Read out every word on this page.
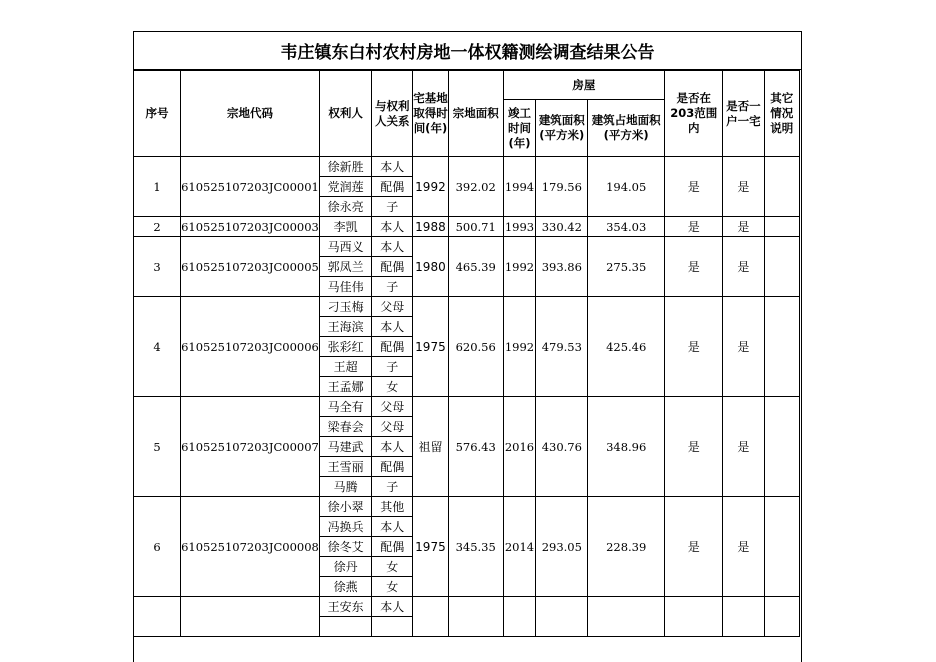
韦庄镇东白村农村房地一体权籍测绘调查结果公告
序号	宗地代码	权利人	与权利人关系	宅基地取得时间(年)	宗地面积	房屋			是否在203范围内	是否一户一宅	其它情况说明
						竣工时间(年)	建筑面积(平方米)	建筑占地面积(平方米)			
1	610525107203JC00001	徐新胜	本人	1992	392.02	1994	179.56	194.05	是	是	
		党润莲	配偶								
		徐永亮	子								
2	610525107203JC00003	李凯	本人	1988	500.71	1993	330.42	354.03	是	是	
3	610525107203JC00005	马西义	本人	1980	465.39	1992	393.86	275.35	是	是	
		郭凤兰	配偶								
		马佳伟	子								
4	610525107203JC00006	刁玉梅	父母	1975	620.56	1992	479.53	425.46	是	是	
		王海滨	本人								
		张彩红	配偶								
		王超	子								
		王孟娜	女								
5	610525107203JC00007	马全有	父母	祖留	576.43	2016	430.76	348.96	是	是	
		梁春会	父母								
		马建武	本人								
		王雪丽	配偶								
		马腾	子								
6	610525107203JC00008	徐小翠	其他	1975	345.35	2014	293.05	228.39	是	是	
		冯换兵	本人								
		徐冬艾	配偶								
		徐丹	女								
		徐燕	女								
		王安东	本人								
